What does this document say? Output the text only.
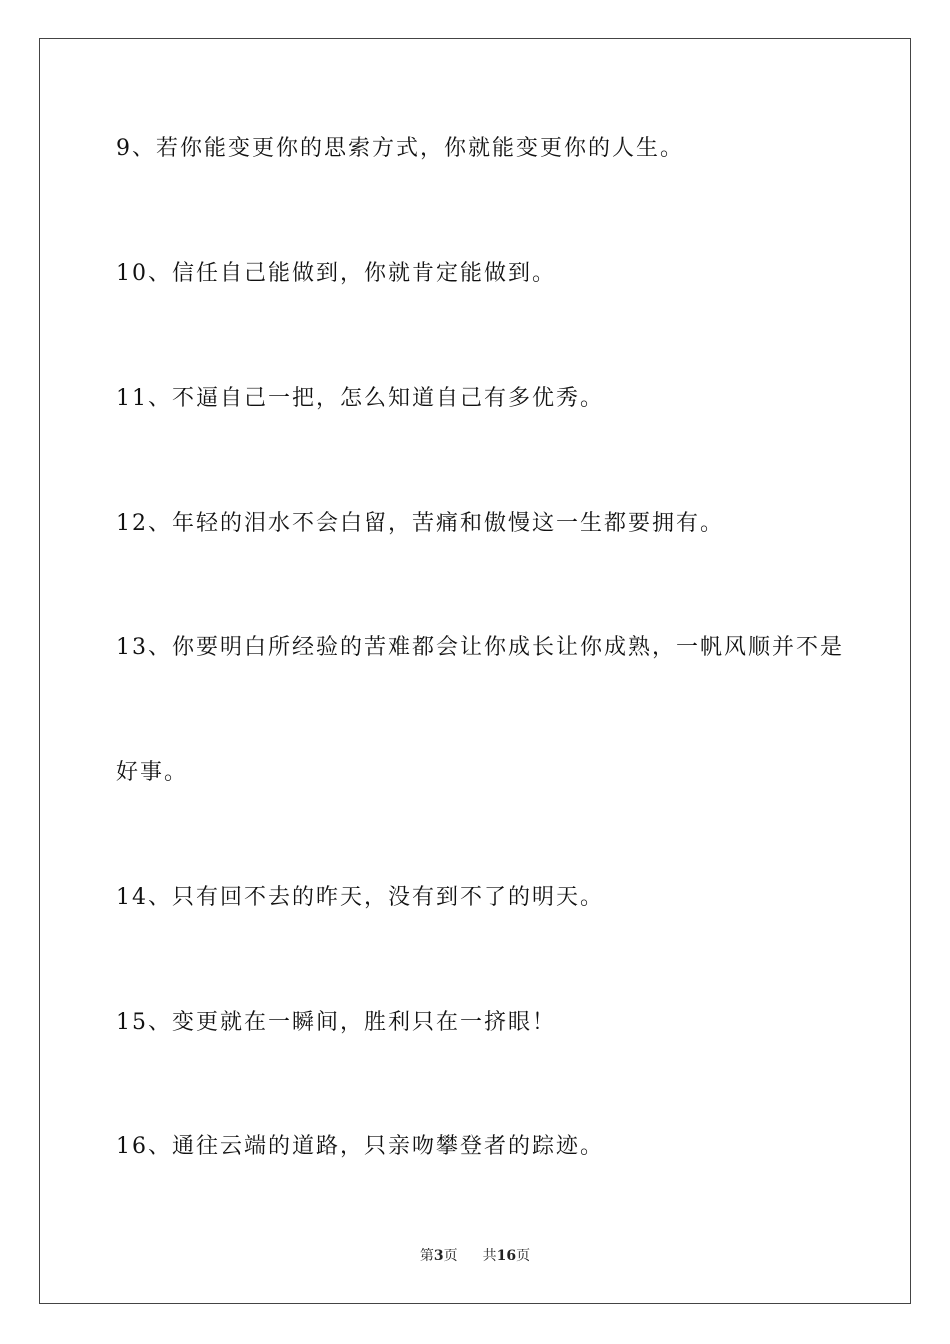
9、若你能变更你的思索方式，你就能变更你的人生。
10、信任自己能做到，你就肯定能做到。
11、不逼自己一把，怎么知道自己有多优秀。
12、年轻的泪水不会白留，苦痛和傲慢这一生都要拥有。
13、你要明白所经验的苦难都会让你成长让你成熟，一帆风顺并不是
好事。
14、只有回不去的昨天，没有到不了的明天。
15、变更就在一瞬间，胜利只在一挤眼！
16、通往云端的道路，只亲吻攀登者的踪迹。
第3页 共16页
